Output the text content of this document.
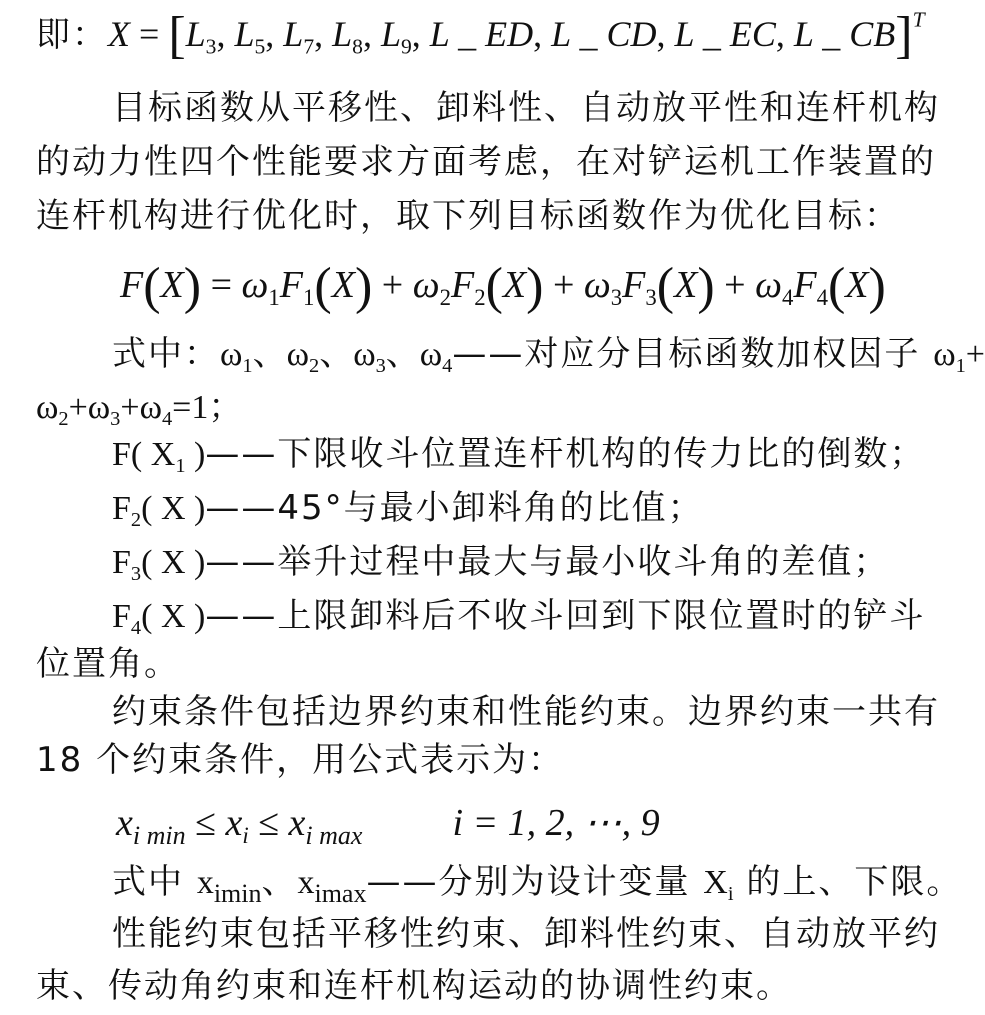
即：$X = [L_3$, $L_5$, $L_7$, $L_8$, $L_9$, L _ ED, L _ CD, L _ EC, L _ CB]$^T$
目标函数从平移性、卸料性、自动放平性和连杆机构
的动力性四个性能要求方面考虑，在对铲运机工作装置的
连杆机构进行优化时，取下列目标函数作为优化目标：
$F(X) = \omega_1F_1(X) + \omega_2F_2(X) + \omega_3F_3(X) + \omega_4F_4(X)$
式中：$\omega_1$、$\omega_2$、$\omega_3$、$\omega_4——$对应分目标函数加权因子 $\omega_1+$
$\omega_2+\omega_3+\omega_4=1$；
F( $X_1$ )——下限收斗位置连杆机构的传力比的倒数；
$F_2$( X )——45°与最小卸料角的比值；
$F_3$( X )——举升过程中最大与最小收斗角的差值；
$F_4$( X )——上限卸料后不收斗回到下限位置时的铲斗
位置角。
约束条件包括边界约束和性能约束。边界约束一共有
18 个约束条件，用公式表示为：
$x_{i min} \le x_i \le x_{i max}$ i = 1, 2, ⋯, 9
式中 $x_{imin}$、$x_{imax}——$分别为设计变量 $X_i$ 的上、下限。
性能约束包括平移性约束、卸料性约束、自动放平约
束、传动角约束和连杆机构运动的协调性约束。
